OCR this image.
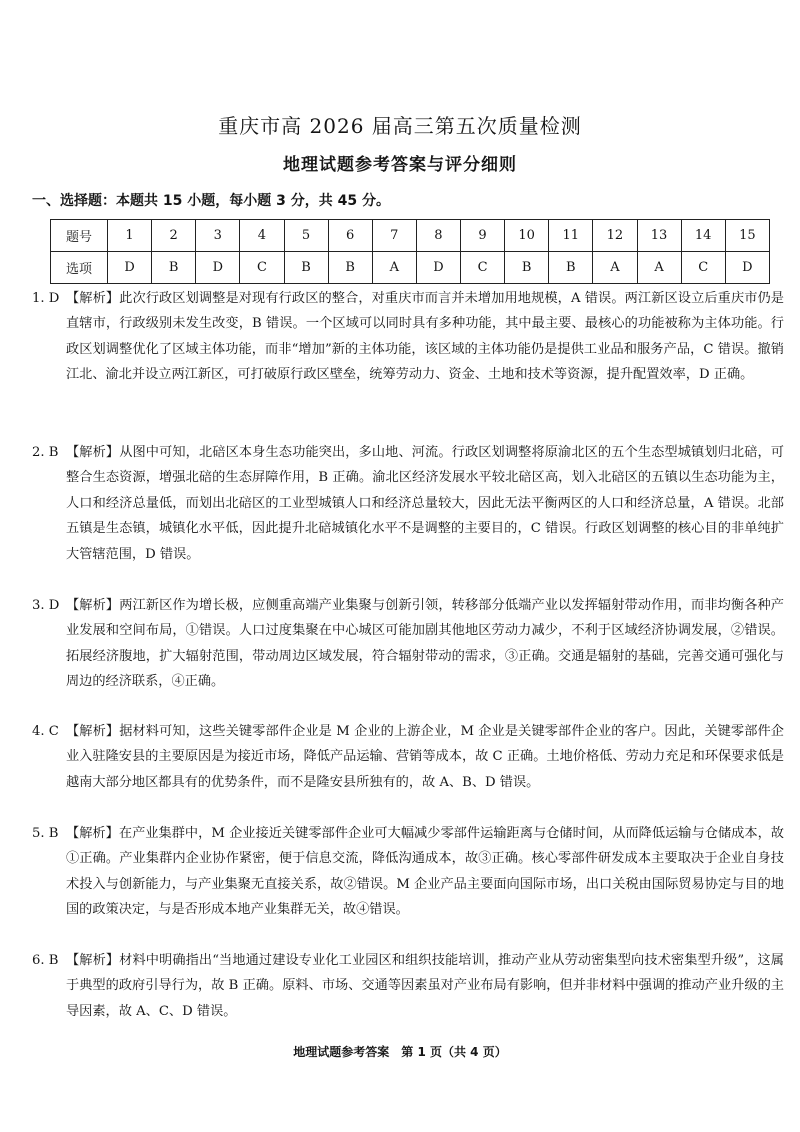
重庆市高 2026 届高三第五次质量检测
地理试题参考答案与评分细则
一、选择题：本题共 15 小题，每小题 3 分，共 45 分。
题号	1	2	3	4	5	6	7	8	9	10	11	12	13	14	15
选项	D	B	D	C	B	B	A	D	C	B	B	A	A	C	D
1. D 【解析】此次行政区划调整是对现有行政区的整合，对重庆市而言并未增加用地规模，A 错误。两江新区设立后重庆市仍是直辖市，行政级别未发生改变，B 错误。一个区域可以同时具有多种功能，其中最主要、最核心的功能被称为主体功能。行政区划调整优化了区域主体功能，而非“增加”新的主体功能，该区域的主体功能仍是提供工业品和服务产品，C 错误。撤销江北、渝北并设立两江新区，可打破原行政区壁垒，统筹劳动力、资金、土地和技术等资源，提升配置效率，D 正确。
2. B 【解析】从图中可知，北碚区本身生态功能突出，多山地、河流。行政区划调整将原渝北区的五个生态型城镇划归北碚，可整合生态资源，增强北碚的生态屏障作用，B 正确。渝北区经济发展水平较北碚区高，划入北碚区的五镇以生态功能为主，人口和经济总量低，而划出北碚区的工业型城镇人口和经济总量较大，因此无法平衡两区的人口和经济总量，A 错误。北部五镇是生态镇，城镇化水平低，因此提升北碚城镇化水平不是调整的主要目的，C 错误。行政区划调整的核心目的非单纯扩大管辖范围，D 错误。
3. D 【解析】两江新区作为增长极，应侧重高端产业集聚与创新引领，转移部分低端产业以发挥辐射带动作用，而非均衡各种产业发展和空间布局，①错误。人口过度集聚在中心城区可能加剧其他地区劳动力减少，不利于区域经济协调发展，②错误。拓展经济腹地，扩大辐射范围，带动周边区域发展，符合辐射带动的需求，③正确。交通是辐射的基础，完善交通可强化与周边的经济联系，④正确。
4. C 【解析】据材料可知，这些关键零部件企业是 M 企业的上游企业，M 企业是关键零部件企业的客户。因此，关键零部件企业入驻隆安县的主要原因是为接近市场，降低产品运输、营销等成本，故 C 正确。土地价格低、劳动力充足和环保要求低是越南大部分地区都具有的优势条件，而不是隆安县所独有的，故 A、B、D 错误。
5. B 【解析】在产业集群中，M 企业接近关键零部件企业可大幅减少零部件运输距离与仓储时间，从而降低运输与仓储成本，故①正确。产业集群内企业协作紧密，便于信息交流，降低沟通成本，故③正确。核心零部件研发成本主要取决于企业自身技术投入与创新能力，与产业集聚无直接关系，故②错误。M 企业产品主要面向国际市场，出口关税由国际贸易协定与目的地国的政策决定，与是否形成本地产业集群无关，故④错误。
6. B 【解析】材料中明确指出“当地通过建设专业化工业园区和组织技能培训，推动产业从劳动密集型向技术密集型升级”，这属于典型的政府引导行为，故 B 正确。原料、市场、交通等因素虽对产业布局有影响，但并非材料中强调的推动产业升级的主导因素，故 A、C、D 错误。
地理试题参考答案　第 1 页（共 4 页）
